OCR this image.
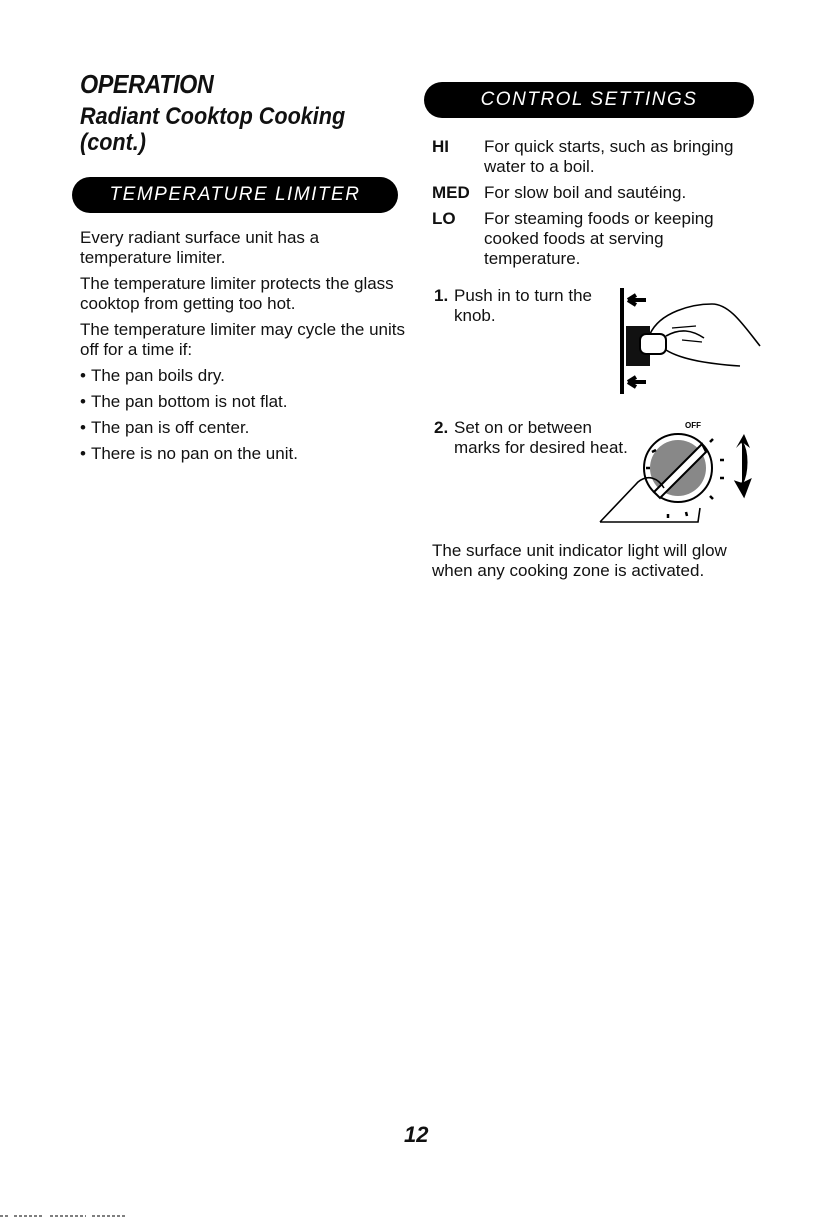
OPERATION
Radiant Cooktop Cooking
(cont.)
TEMPERATURE LIMITER

Every radiant surface unit has a temperature limiter.

The temperature limiter protects the glass cooktop from getting too hot.

The temperature limiter may cycle the units off for a time if:

• The pan boils dry.
• The pan bottom is not flat.
• The pan is off center.
• There is no pan on the unit.
CONTROL SETTINGS
HI	For quick starts, such as bringing water to a boil.
MED For slow boil and sautéing.
LO	For steaming foods or keeping cooked foods at serving temperature.
1. Push in to turn the knob.
2. Set on or between marks for desired heat.
OFF

The surface unit indicator light will glow when any cooking zone is activated.

12
